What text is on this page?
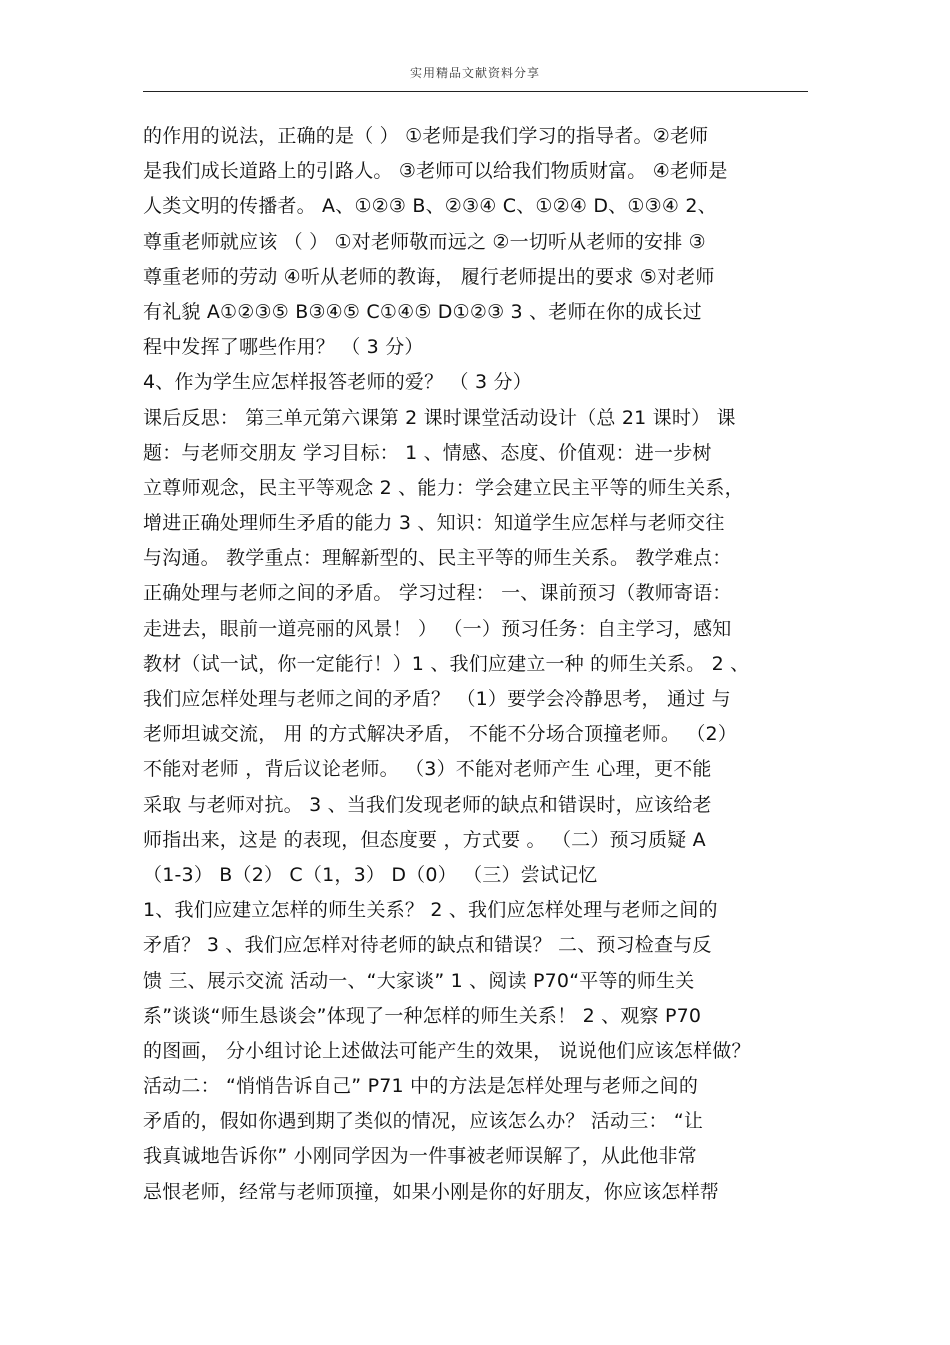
实用精品文献资料分享
的作用的说法，正确的是（ ） ①老师是我们学习的指导者。②老师
是我们成长道路上的引路人。 ③老师可以给我们物质财富。 ④老师是
人类文明的传播者。 A、①②③ B、②③④ C、①②④ D、①③④ 2、
尊重老师就应该 （ ） ①对老师敬而远之 ②一切听从老师的安排 ③
尊重老师的劳动 ④听从老师的教诲， 履行老师提出的要求 ⑤对老师
有礼貌 A①②③⑤ B③④⑤ C①④⑤ D①②③ 3 、老师在你的成长过
程中发挥了哪些作用？ （ 3 分）
4、作为学生应怎样报答老师的爱？ （ 3 分）
课后反思： 第三单元第六课第 2 课时课堂活动设计（总 21 课时） 课
题：与老师交朋友 学习目标： 1 、情感、态度、价值观：进一步树
立尊师观念，民主平等观念 2 、能力：学会建立民主平等的师生关系，
增进正确处理师生矛盾的能力 3 、知识：知道学生应怎样与老师交往
与沟通。 教学重点：理解新型的、民主平等的师生关系。 教学难点：
正确处理与老师之间的矛盾。 学习过程： 一、课前预习（教师寄语：
走进去，眼前一道亮丽的风景！ ） （一）预习任务：自主学习，感知
教材（试一试，你一定能行！）1 、我们应建立一种 的师生关系。 2 、
我们应怎样处理与老师之间的矛盾？ （1）要学会冷静思考， 通过 与
老师坦诚交流， 用 的方式解决矛盾， 不能不分场合顶撞老师。 （2）
不能对老师 ，背后议论老师。 （3）不能对老师产生 心理，更不能
采取 与老师对抗。 3 、当我们发现老师的缺点和错误时，应该给老
师指出来，这是 的表现，但态度要 ，方式要 。 （二）预习质疑 A
（1-3） B（2） C（1，3） D（0） （三）尝试记忆
1、我们应建立怎样的师生关系？ 2 、我们应怎样处理与老师之间的
矛盾？ 3 、我们应怎样对待老师的缺点和错误？ 二、预习检查与反
馈 三、展示交流 活动一、“大家谈” 1 、阅读 P70“平等的师生关
系”谈谈“师生恳谈会”体现了一种怎样的师生关系！ 2 、观察 P70
的图画， 分小组讨论上述做法可能产生的效果， 说说他们应该怎样做？
活动二： “悄悄告诉自己” P71 中的方法是怎样处理与老师之间的
矛盾的，假如你遇到期了类似的情况，应该怎么办？ 活动三： “让
我真诚地告诉你” 小刚同学因为一件事被老师误解了，从此他非常
忌恨老师，经常与老师顶撞，如果小刚是你的好朋友，你应该怎样帮
